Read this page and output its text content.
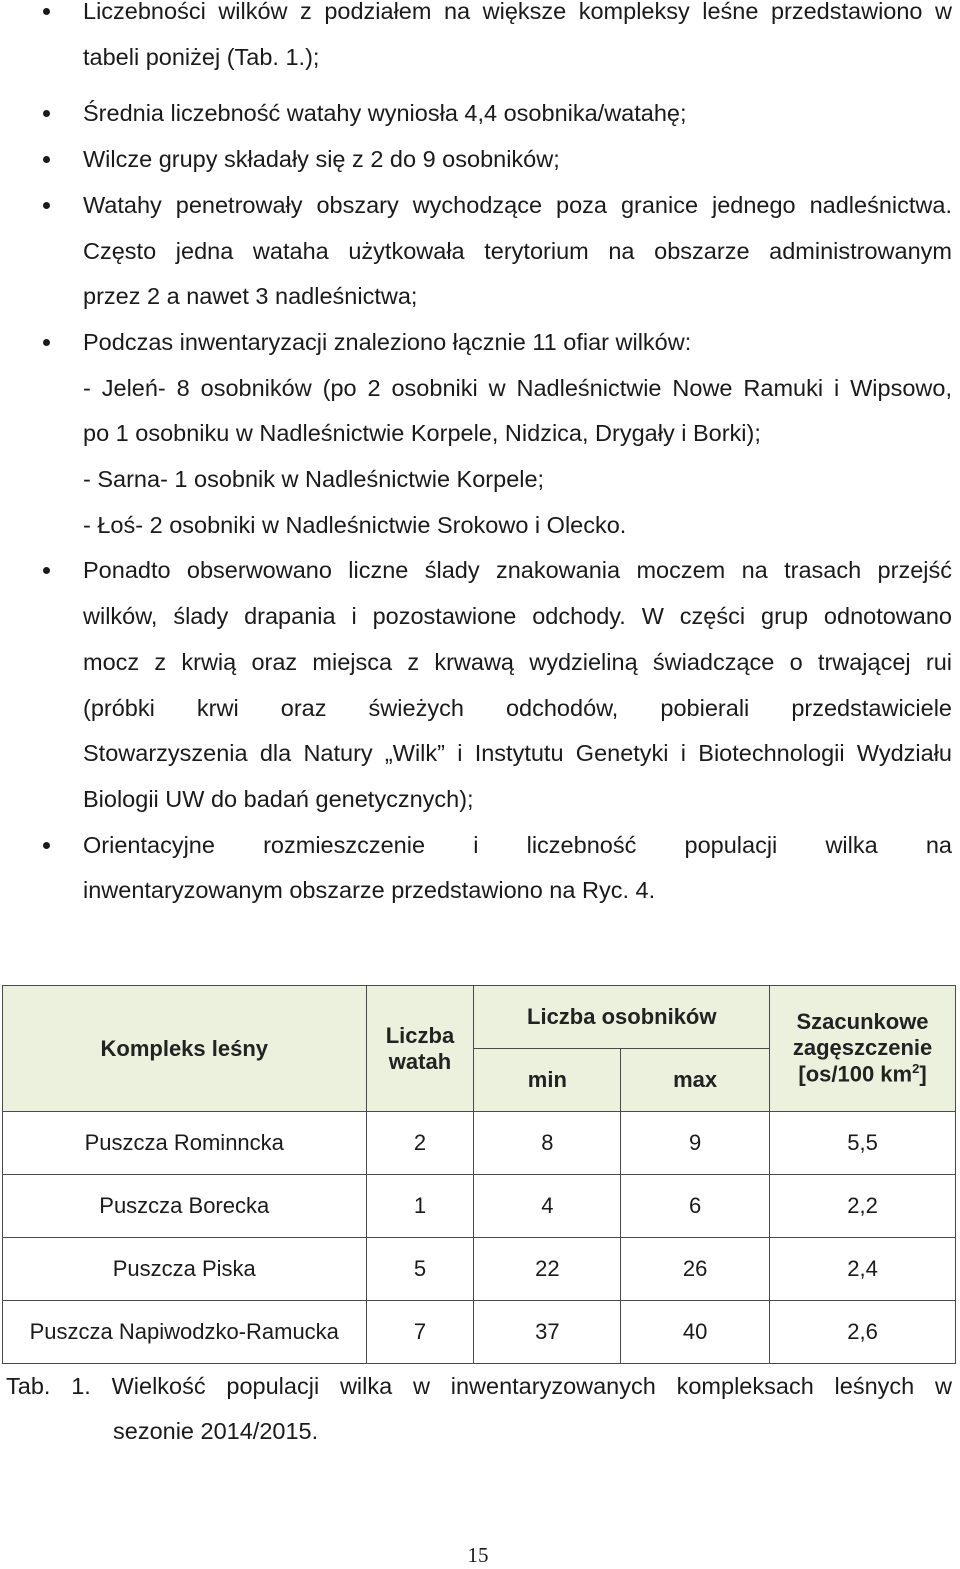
Liczebności wilków z podziałem na większe kompleksy leśne przedstawiono w
tabeli poniżej (Tab. 1.);
Średnia liczebność watahy wyniosła 4,4 osobnika/watahę;
Wilcze grupy składały się z 2 do 9 osobników;
Watahy penetrowały obszary wychodzące poza granice jednego nadleśnictwa.
Często jedna wataha użytkowała terytorium na obszarze administrowanym
przez 2 a nawet 3 nadleśnictwa;
Podczas inwentaryzacji znaleziono łącznie 11 ofiar wilków:
- Jeleń- 8 osobników (po 2 osobniki w Nadleśnictwie Nowe Ramuki i Wipsowo,
po 1 osobniku w Nadleśnictwie Korpele, Nidzica, Drygały i Borki);
- Sarna- 1 osobnik w Nadleśnictwie Korpele;
- Łoś- 2 osobniki w Nadleśnictwie Srokowo i Olecko.
Ponadto obserwowano liczne ślady znakowania moczem na trasach przejść
wilków, ślady drapania i pozostawione odchody. W części grup odnotowano
mocz z krwią oraz miejsca z krwawą wydzieliną świadczące o trwającej rui
(próbki krwi oraz świeżych odchodów, pobierali przedstawiciele
Stowarzyszenia dla Natury „Wilk” i Instytutu Genetyki i Biotechnologii Wydziału
Biologii UW do badań genetycznych);
Orientacyjne rozmieszczenie i liczebność populacji wilka na
inwentaryzowanym obszarze przedstawiono na Ryc. 4.
Kompleks leśny	Liczba watah	Liczba osobników		Szacunkowe zagęszczenie [os/100 $km^2$]
		min	max	
Puszcza Rominncka	2	8	9	5,5
Puszcza Borecka	1	4	6	2,2
Puszcza Piska	5	22	26	2,4
Puszcza Napiwodzko-Ramucka	7	37	40	2,6
Tab. 1. Wielkość populacji wilka w inwentaryzowanych kompleksach leśnych w
sezonie 2014/2015.
15
